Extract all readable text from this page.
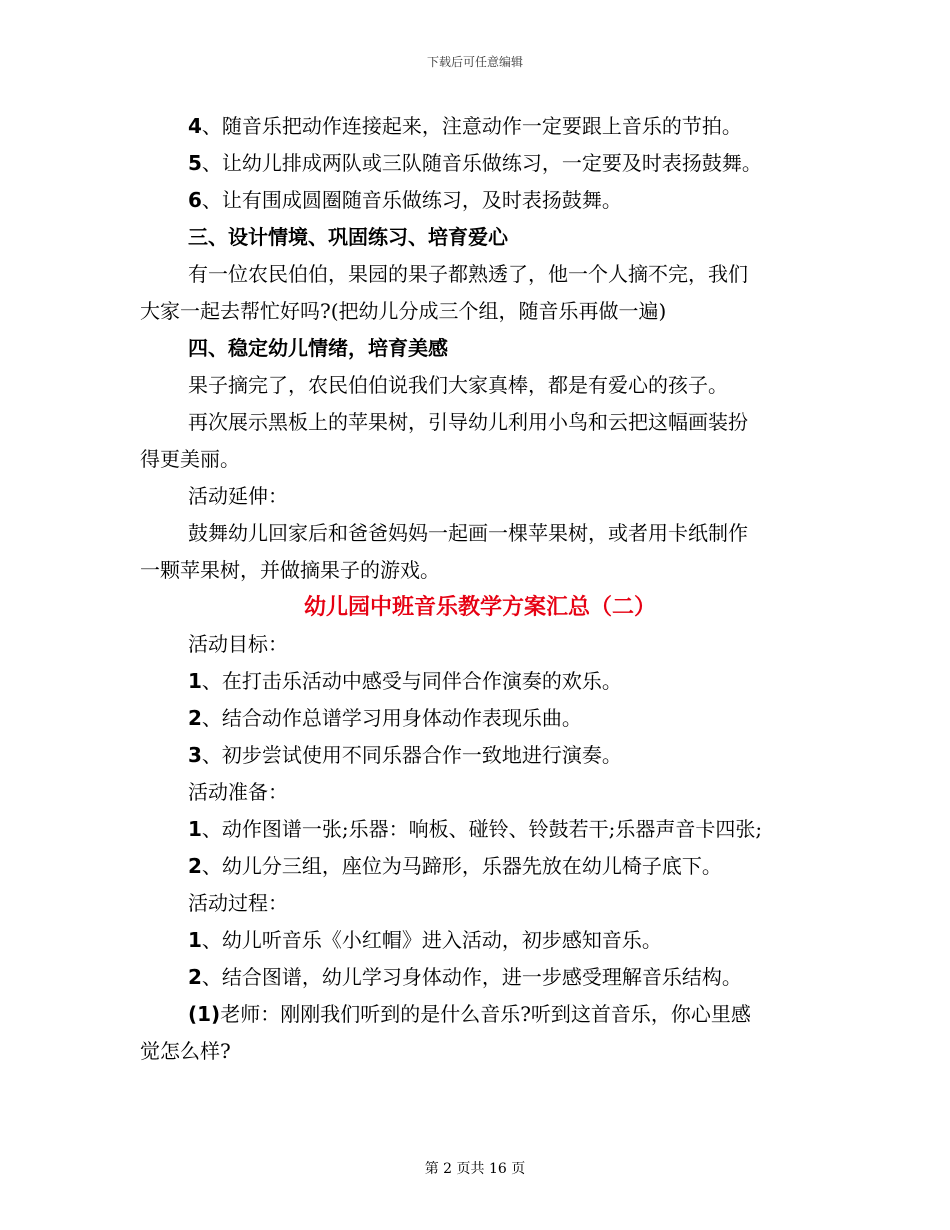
下载后可任意编辑

4、随音乐把动作连接起来，注意动作一定要跟上音乐的节拍。

5、让幼儿排成两队或三队随音乐做练习，一定要及时表扬鼓舞。

6、让有围成圆圈随音乐做练习，及时表扬鼓舞。

三、设计情境、巩固练习、培育爱心

有一位农民伯伯，果园的果子都熟透了，他一个人摘不完，我们

大家一起去帮忙好吗?(把幼儿分成三个组，随音乐再做一遍)

四、稳定幼儿情绪，培育美感

果子摘完了，农民伯伯说我们大家真棒，都是有爱心的孩子。

再次展示黑板上的苹果树，引导幼儿利用小鸟和云把这幅画装扮

得更美丽。

活动延伸：

鼓舞幼儿回家后和爸爸妈妈一起画一棵苹果树，或者用卡纸制作

一颗苹果树，并做摘果子的游戏。

幼儿园中班音乐教学方案汇总（二）

活动目标：

1、在打击乐活动中感受与同伴合作演奏的欢乐。

2、结合动作总谱学习用身体动作表现乐曲。

3、初步尝试使用不同乐器合作一致地进行演奏。

活动准备：

1、动作图谱一张;乐器：响板、碰铃、铃鼓若干;乐器声音卡四张;

2、幼儿分三组，座位为马蹄形，乐器先放在幼儿椅子底下。

活动过程：

1、幼儿听音乐《小红帽》进入活动，初步感知音乐。

2、结合图谱，幼儿学习身体动作，进一步感受理解音乐结构。

(1)老师：刚刚我们听到的是什么音乐?听到这首音乐，你心里感

觉怎么样?

第 2 页共 16 页
